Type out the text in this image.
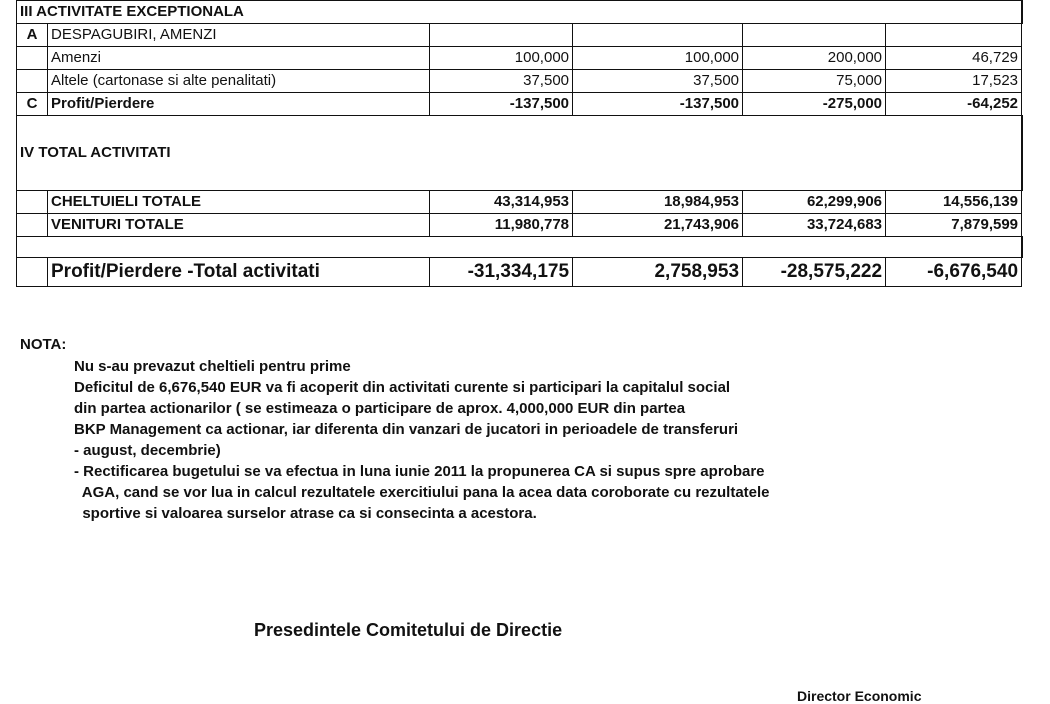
III ACTIVITATE EXCEPTIONALA					
A	DESPAGUBIRI, AMENZI				
	Amenzi	100,000	100,000	200,000	46,729
	Altele (cartonase si alte penalitati)	37,500	37,500	75,000	17,523
C	Profit/Pierdere	-137,500	-137,500	-275,000	-64,252
IV TOTAL ACTIVITATI					
	CHELTUIELI TOTALE	43,314,953	18,984,953	62,299,906	14,556,139
	VENITURI TOTALE	11,980,778	21,743,906	33,724,683	7,879,599

	Profit/Pierdere -Total activitati	-31,334,175	2,758,953	-28,575,222	-6,676,540
NOTA:
Nu s-au prevazut cheltieli pentru prime
Deficitul de 6,676,540 EUR va fi acoperit din activitati curente si participari la capitalul social
din partea actionarilor ( se estimeaza o participare de aprox. 4,000,000 EUR din partea
BKP Management ca actionar, iar diferenta din vanzari de jucatori in perioadele de transferuri
- august, decembrie)
- Rectificarea bugetului se va efectua in luna iunie 2011 la propunerea CA si supus spre aprobare
AGA, cand se vor lua in calcul rezultatele exercitiului pana la acea data coroborate cu rezultatele
sportive si valoarea surselor atrase ca si consecinta a acestora.
Presedintele Comitetului de Directie
Director Economic
